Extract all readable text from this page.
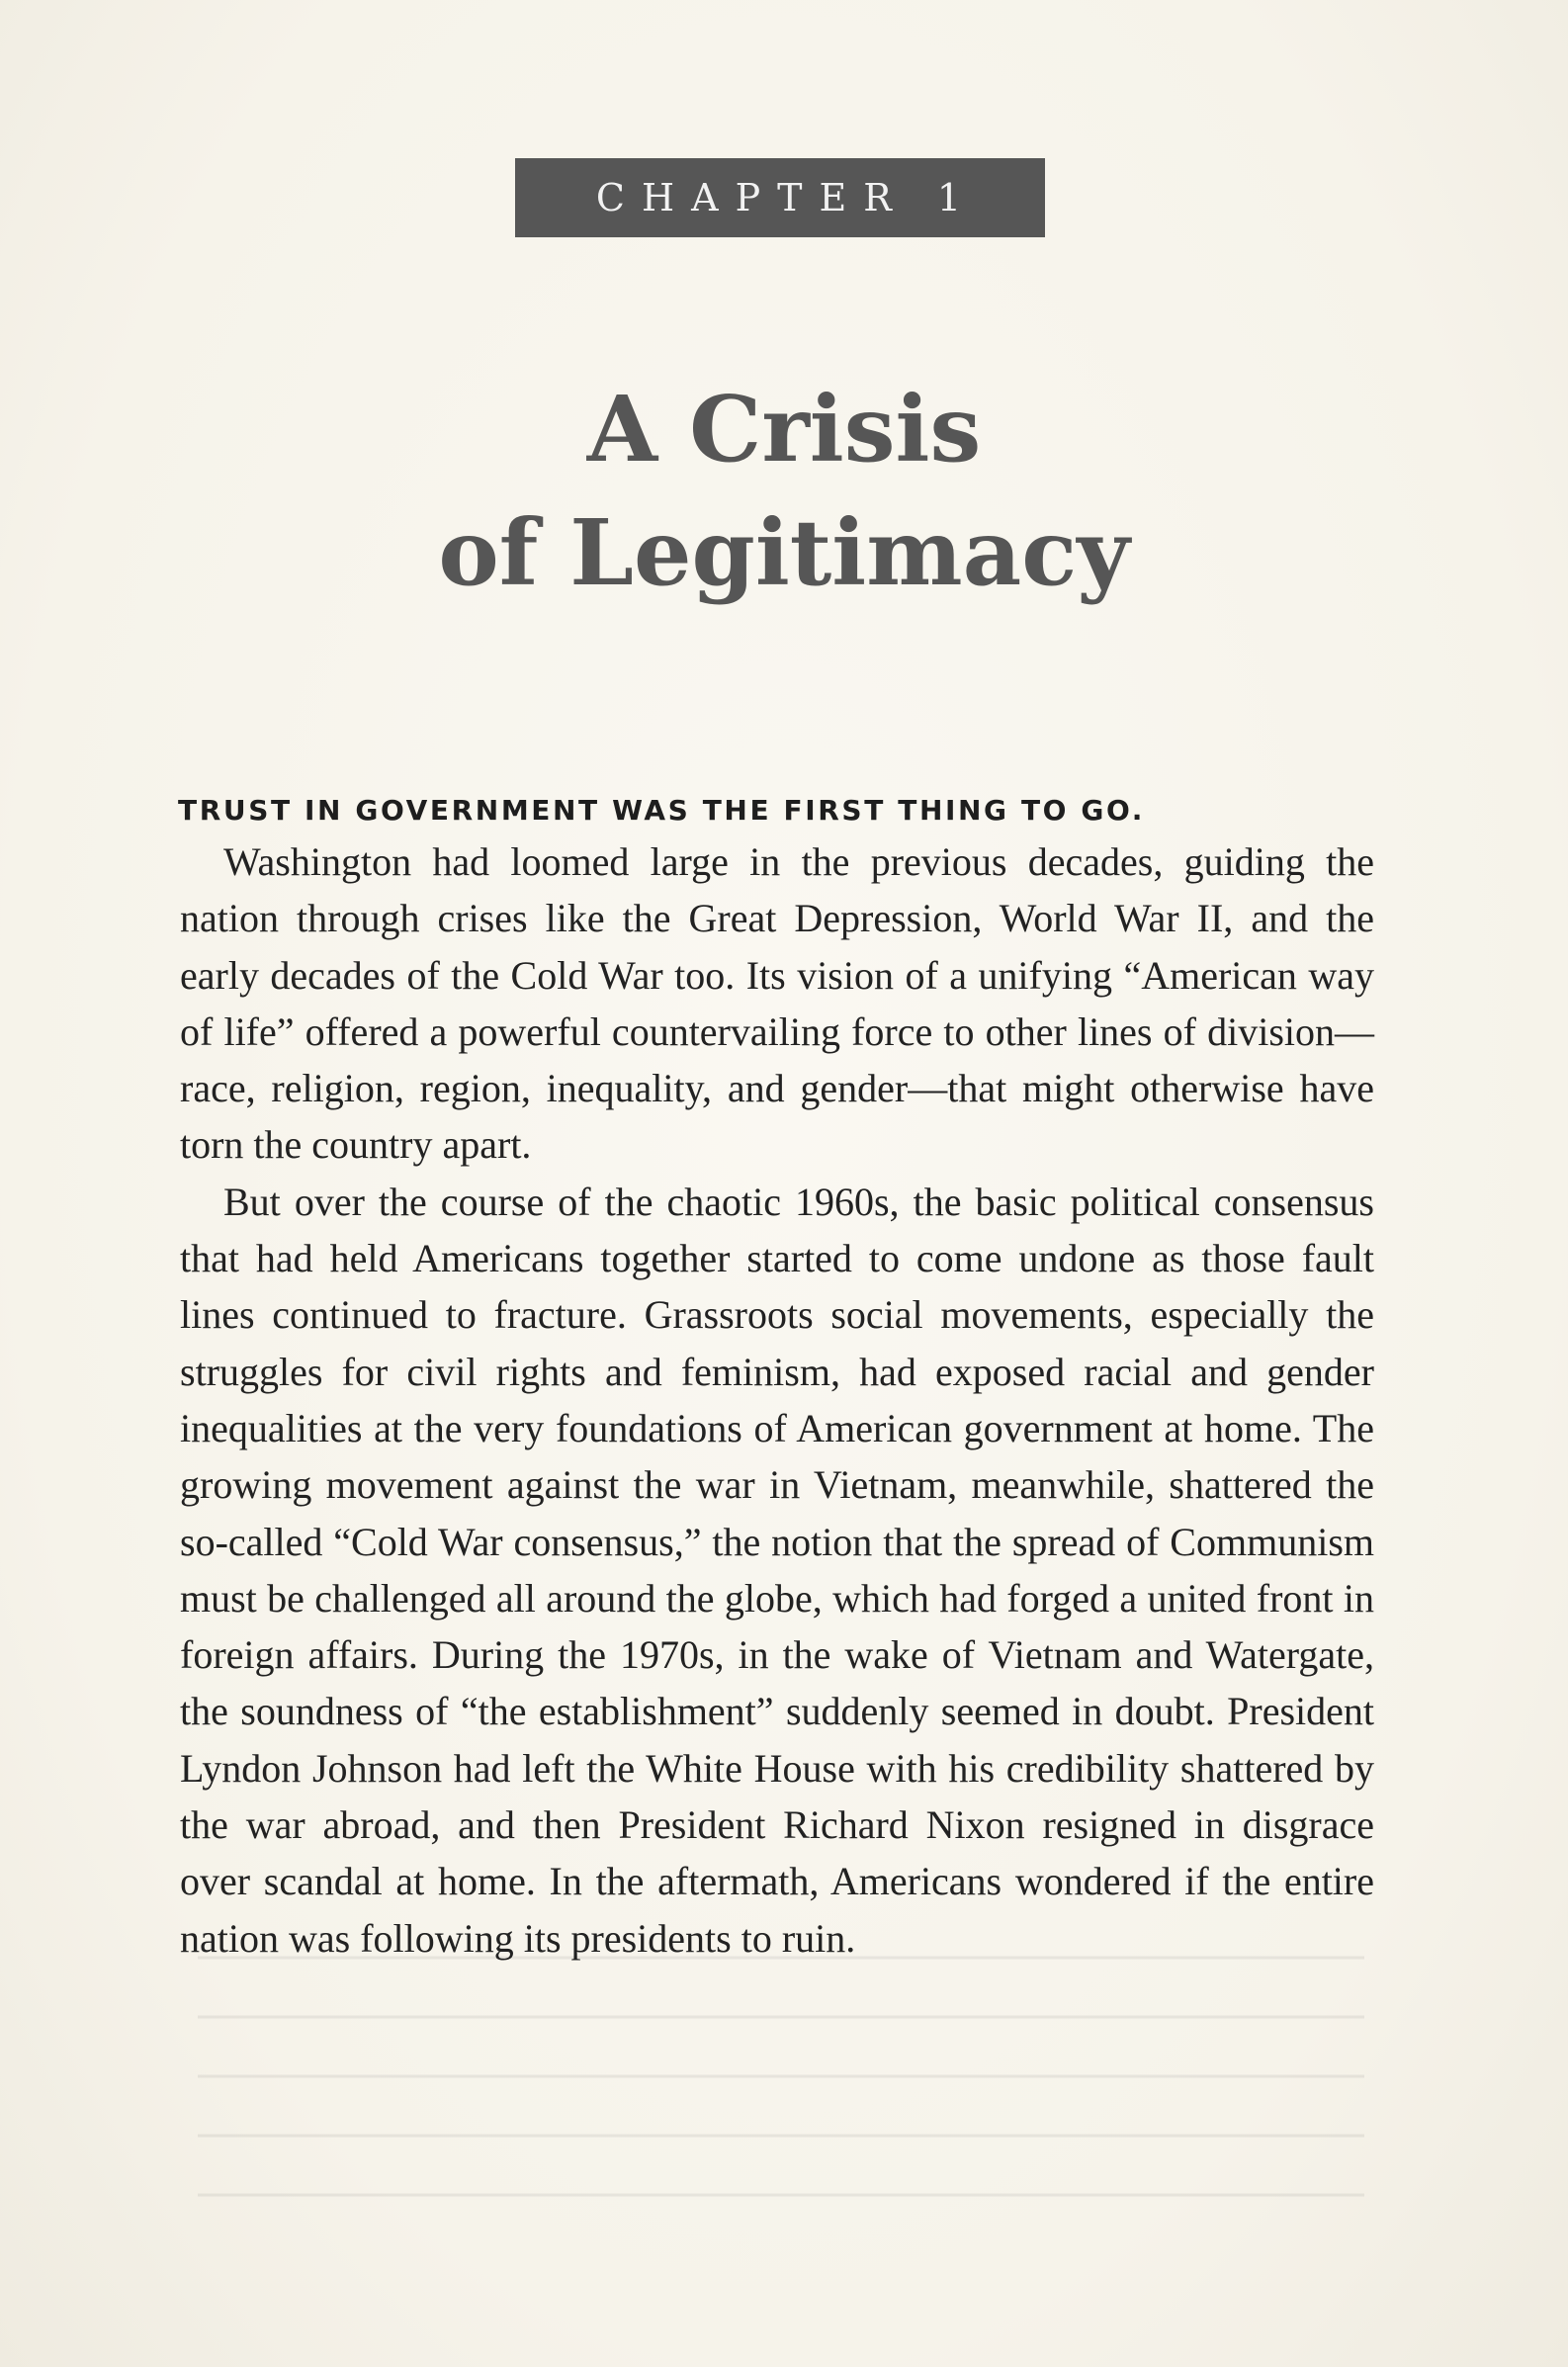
CHAPTER 1
A Crisis
of Legitimacy
TRUST IN GOVERNMENT WAS THE FIRST THING TO GO.

Washington had loomed large in the previous decades, guiding the nation through crises like the Great Depression, World War II, and the early decades of the Cold War too. Its vision of a unifying “American way of life” offered a powerful countervailing force to other lines of division—race, religion, region, inequality, and gender—that might otherwise have torn the country apart.

But over the course of the chaotic 1960s, the basic political consensus that had held Americans together started to come undone as those fault lines continued to fracture. Grassroots social movements, especially the struggles for civil rights and feminism, had exposed racial and gender inequalities at the very foundations of American government at home. The growing movement against the war in Vietnam, meanwhile, shattered the so-called “Cold War consensus,” the notion that the spread of Communism must be challenged all around the globe, which had forged a united front in foreign affairs. During the 1970s, in the wake of Vietnam and Watergate, the soundness of “the establishment” suddenly seemed in doubt. President Lyndon Johnson had left the White House with his credibility shattered by the war abroad, and then President Richard Nixon resigned in disgrace over scandal at home. In the aftermath, Americans wondered if the entire nation was following its presidents to ruin.
